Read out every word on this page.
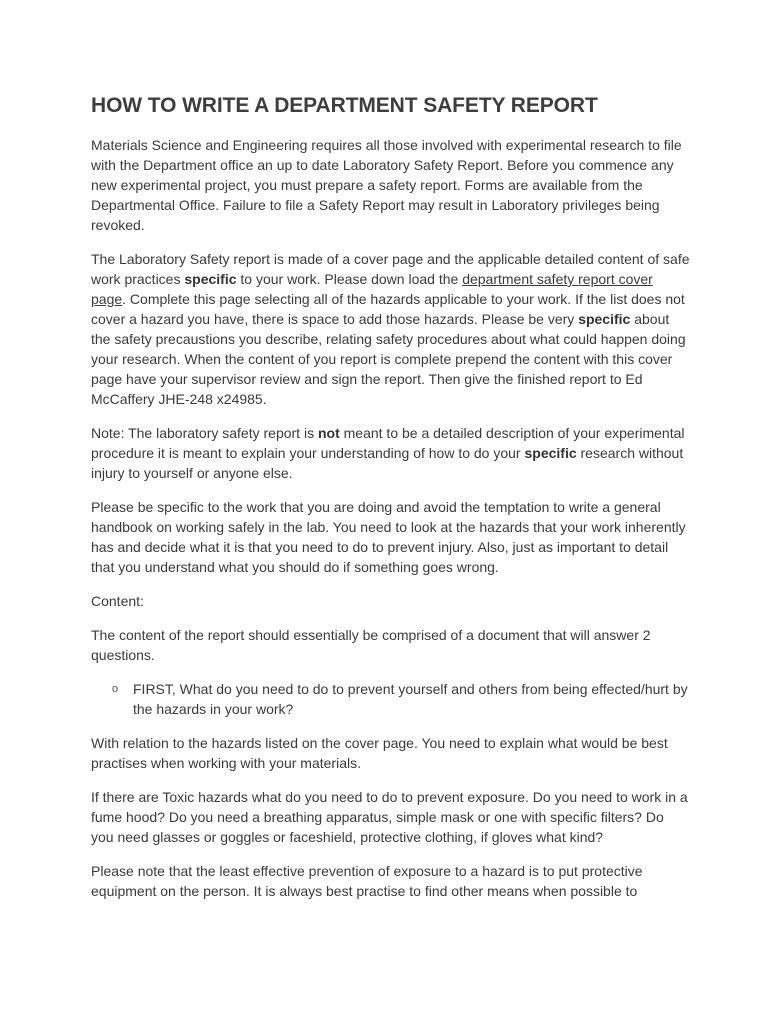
HOW TO WRITE A DEPARTMENT SAFETY REPORT

Materials Science and Engineering requires all those involved with experimental research to file with the Department office an up to date Laboratory Safety Report. Before you commence any new experimental project, you must prepare a safety report. Forms are available from the Departmental Office. Failure to file a Safety Report may result in Laboratory privileges being revoked.

The Laboratory Safety report is made of a cover page and the applicable detailed content of safe work practices specific to your work. Please down load the department safety report cover page. Complete this page selecting all of the hazards applicable to your work. If the list does not cover a hazard you have, there is space to add those hazards. Please be very specific about the safety precaustions you describe, relating safety procedures about what could happen doing your research. When the content of you report is complete prepend the content with this cover page have your supervisor review and sign the report. Then give the finished report to Ed McCaffery JHE-248 x24985.

Note: The laboratory safety report is not meant to be a detailed description of your experimental procedure it is meant to explain your understanding of how to do your specific research without injury to yourself or anyone else.

Please be specific to the work that you are doing and avoid the temptation to write a general handbook on working safely in the lab. You need to look at the hazards that your work inherently has and decide what it is that you need to do to prevent injury. Also, just as important to detail that you understand what you should do if something goes wrong.

Content:

The content of the report should essentially be comprised of a document that will answer 2 questions.

o FIRST, What do you need to do to prevent yourself and others from being effected/hurt by the hazards in your work?

With relation to the hazards listed on the cover page. You need to explain what would be best practises when working with your materials.

If there are Toxic hazards what do you need to do to prevent exposure. Do you need to work in a fume hood? Do you need a breathing apparatus, simple mask or one with specific filters? Do you need glasses or goggles or faceshield, protective clothing, if gloves what kind?

Please note that the least effective prevention of exposure to a hazard is to put protective equipment on the person. It is always best practise to find other means when possible to
